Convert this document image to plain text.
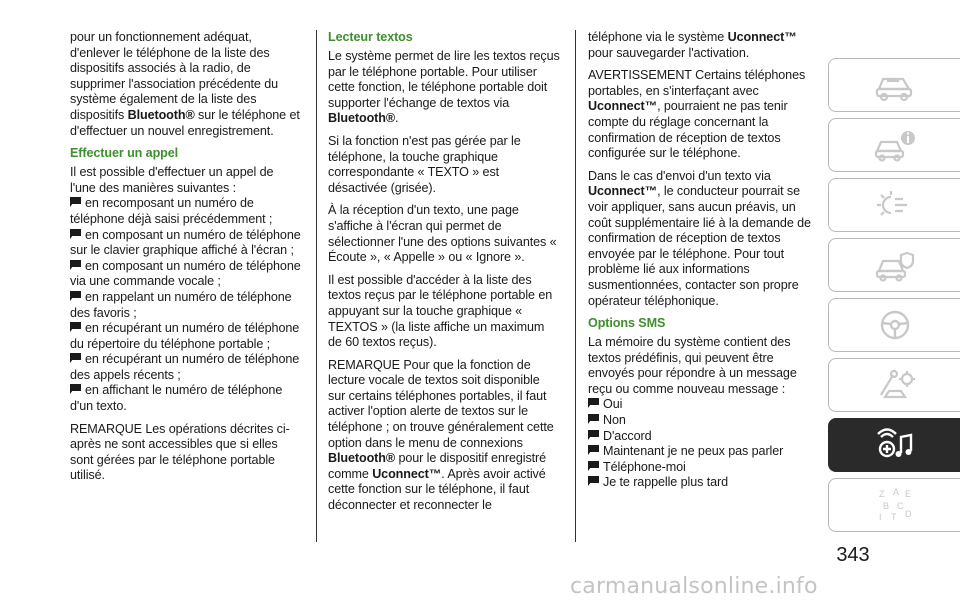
pour un fonctionnement adéquat, d'enlever le téléphone de la liste des dispositifs associés à la radio, de supprimer l'association précédente du système également de la liste des dispositifs Bluetooth® sur le téléphone et d'effectuer un nouvel enregistrement.

Effectuer un appel

Il est possible d'effectuer un appel de l'une des manières suivantes :

en recomposant un numéro de téléphone déjà saisi précédemment ;
en composant un numéro de téléphone sur le clavier graphique affiché à l'écran ;
en composant un numéro de téléphone via une commande vocale ;
en rappelant un numéro de téléphone des favoris ;
en récupérant un numéro de téléphone du répertoire du téléphone portable ;
en récupérant un numéro de téléphone des appels récents ;
en affichant le numéro de téléphone d'un texto.

REMARQUE Les opérations décrites ci-après ne sont accessibles que si elles sont gérées par le téléphone portable utilisé.

Lecteur textos

Le système permet de lire les textos reçus par le téléphone portable. Pour utiliser cette fonction, le téléphone portable doit supporter l'échange de textos via Bluetooth®.

Si la fonction n'est pas gérée par le téléphone, la touche graphique correspondante « TEXTO » est désactivée (grisée).

À la réception d'un texto, une page s'affiche à l'écran qui permet de sélectionner l'une des options suivantes « Écoute », « Appelle » ou « Ignore ».

Il est possible d'accéder à la liste des textos reçus par le téléphone portable en appuyant sur la touche graphique « TEXTOS » (la liste affiche un maximum de 60 textos reçus).

REMARQUE Pour que la fonction de lecture vocale de textos soit disponible sur certains téléphones portables, il faut activer l'option alerte de textos sur le téléphone ; on trouve généralement cette option dans le menu de connexions Bluetooth® pour le dispositif enregistré comme Uconnect™. Après avoir activé cette fonction sur le téléphone, il faut déconnecter et reconnecter le

téléphone via le système Uconnect™ pour sauvegarder l'activation.

AVERTISSEMENT Certains téléphones portables, en s'interfaçant avec Uconnect™, pourraient ne pas tenir compte du réglage concernant la confirmation de réception de textos configurée sur le téléphone.

Dans le cas d'envoi d'un texto via Uconnect™, le conducteur pourrait se voir appliquer, sans aucun préavis, un coût supplémentaire lié à la demande de confirmation de réception de textos envoyée par le téléphone. Pour tout problème lié aux informations susmentionnées, contacter son propre opérateur téléphonique.

Options SMS

La mémoire du système contient des textos prédéfinis, qui peuvent être envoyés pour répondre à un message reçu ou comme nouveau message :

Oui
Non
D'accord
Maintenant je ne peux pas parler
Téléphone-moi
Je te rappelle plus tard
Z A E
B C
I T D
343
carmanualsonline.info
